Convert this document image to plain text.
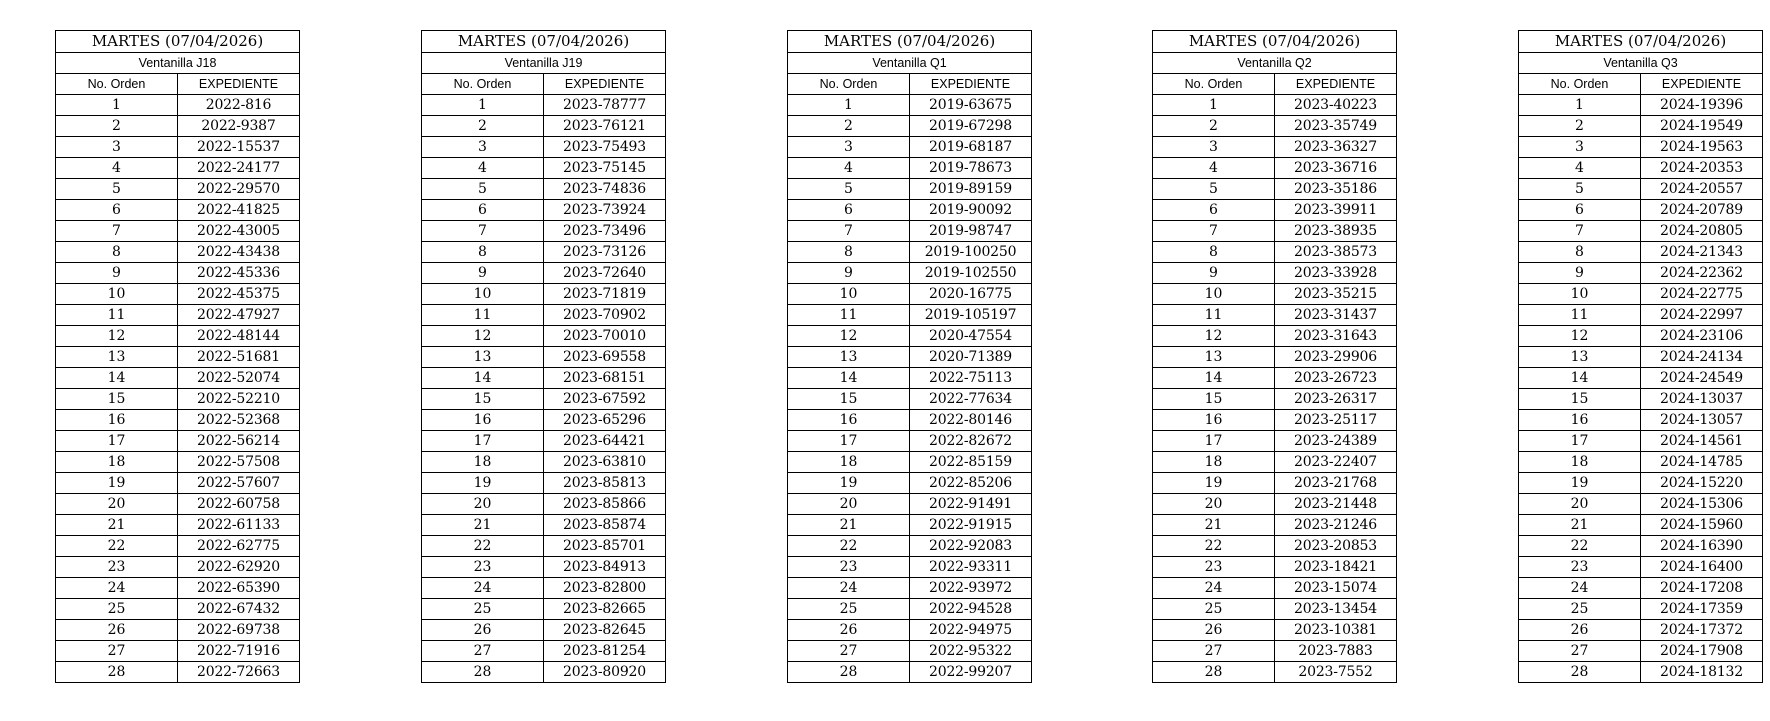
MARTES (07/04/2026)	
Ventanilla J18	
No. Orden	EXPEDIENTE
1	2022-816
2	2022-9387
3	2022-15537
4	2022-24177
5	2022-29570
6	2022-41825
7	2022-43005
8	2022-43438
9	2022-45336
10	2022-45375
11	2022-47927
12	2022-48144
13	2022-51681
14	2022-52074
15	2022-52210
16	2022-52368
17	2022-56214
18	2022-57508
19	2022-57607
20	2022-60758
21	2022-61133
22	2022-62775
23	2022-62920
24	2022-65390
25	2022-67432
26	2022-69738
27	2022-71916
28	2022-72663
MARTES (07/04/2026)	
Ventanilla J19	
No. Orden	EXPEDIENTE
1	2023-78777
2	2023-76121
3	2023-75493
4	2023-75145
5	2023-74836
6	2023-73924
7	2023-73496
8	2023-73126
9	2023-72640
10	2023-71819
11	2023-70902
12	2023-70010
13	2023-69558
14	2023-68151
15	2023-67592
16	2023-65296
17	2023-64421
18	2023-63810
19	2023-85813
20	2023-85866
21	2023-85874
22	2023-85701
23	2023-84913
24	2023-82800
25	2023-82665
26	2023-82645
27	2023-81254
28	2023-80920
MARTES (07/04/2026)	
Ventanilla Q1	
No. Orden	EXPEDIENTE
1	2019-63675
2	2019-67298
3	2019-68187
4	2019-78673
5	2019-89159
6	2019-90092
7	2019-98747
8	2019-100250
9	2019-102550
10	2020-16775
11	2019-105197
12	2020-47554
13	2020-71389
14	2022-75113
15	2022-77634
16	2022-80146
17	2022-82672
18	2022-85159
19	2022-85206
20	2022-91491
21	2022-91915
22	2022-92083
23	2022-93311
24	2022-93972
25	2022-94528
26	2022-94975
27	2022-95322
28	2022-99207
MARTES (07/04/2026)	
Ventanilla Q2	
No. Orden	EXPEDIENTE
1	2023-40223
2	2023-35749
3	2023-36327
4	2023-36716
5	2023-35186
6	2023-39911
7	2023-38935
8	2023-38573
9	2023-33928
10	2023-35215
11	2023-31437
12	2023-31643
13	2023-29906
14	2023-26723
15	2023-26317
16	2023-25117
17	2023-24389
18	2023-22407
19	2023-21768
20	2023-21448
21	2023-21246
22	2023-20853
23	2023-18421
24	2023-15074
25	2023-13454
26	2023-10381
27	2023-7883
28	2023-7552
MARTES (07/04/2026)	
Ventanilla Q3	
No. Orden	EXPEDIENTE
1	2024-19396
2	2024-19549
3	2024-19563
4	2024-20353
5	2024-20557
6	2024-20789
7	2024-20805
8	2024-21343
9	2024-22362
10	2024-22775
11	2024-22997
12	2024-23106
13	2024-24134
14	2024-24549
15	2024-13037
16	2024-13057
17	2024-14561
18	2024-14785
19	2024-15220
20	2024-15306
21	2024-15960
22	2024-16390
23	2024-16400
24	2024-17208
25	2024-17359
26	2024-17372
27	2024-17908
28	2024-18132
